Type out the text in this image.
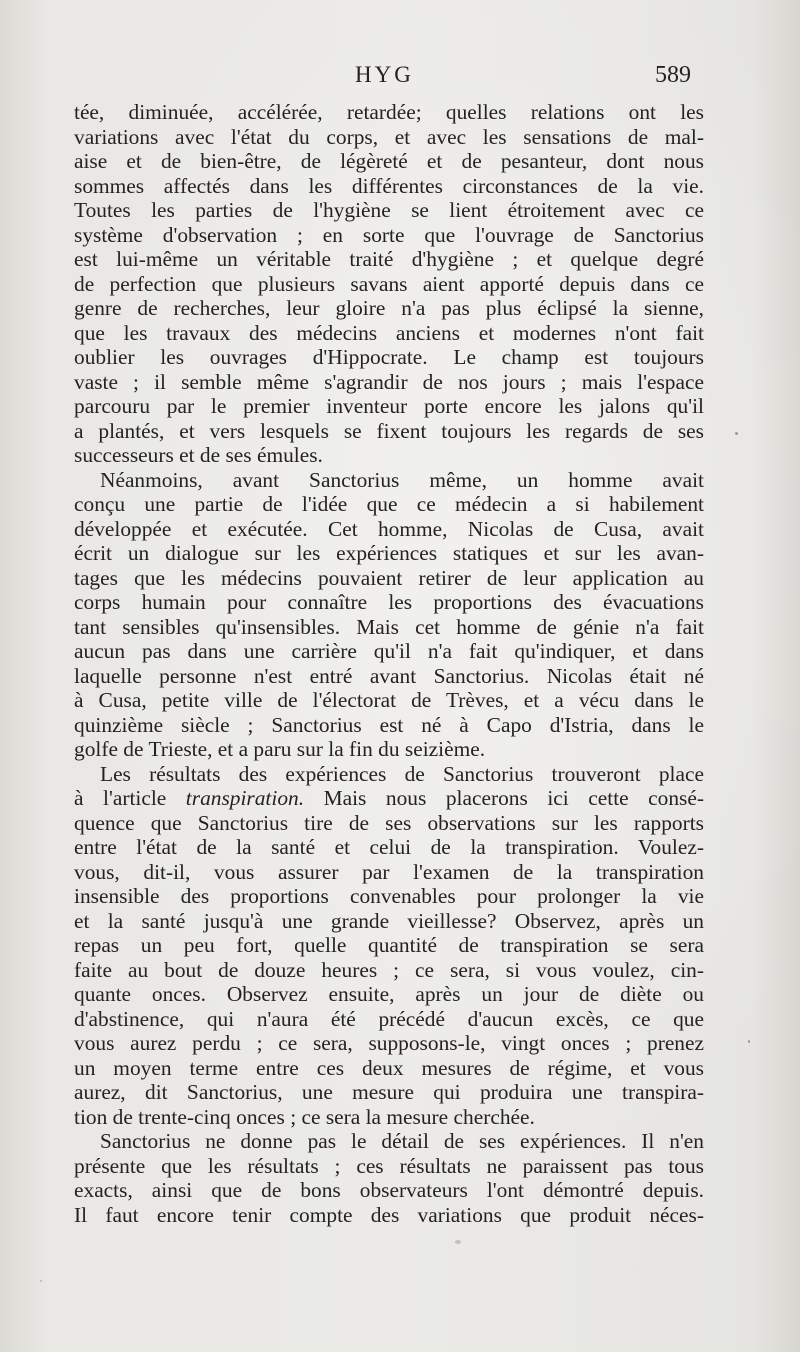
HYG	589
tée, diminuée, accélérée, retardée; quelles relations ont les
variations avec l'état du corps, et avec les sensations de mal-
aise et de bien-être, de légèreté et de pesanteur, dont nous
sommes affectés dans les différentes circonstances de la vie.
Toutes les parties de l'hygiène se lient étroitement avec ce
système d'observation ; en sorte que l'ouvrage de Sanctorius
est lui-même un véritable traité d'hygiène ; et quelque degré
de perfection que plusieurs savans aient apporté depuis dans ce
genre de recherches, leur gloire n'a pas plus éclipsé la sienne,
que les travaux des médecins anciens et modernes n'ont fait
oublier les ouvrages d'Hippocrate. Le champ est toujours
vaste ; il semble même s'agrandir de nos jours ; mais l'espace
parcouru par le premier inventeur porte encore les jalons qu'il
a plantés, et vers lesquels se fixent toujours les regards de ses
successeurs et de ses émules.
Néanmoins, avant Sanctorius même, un homme avait
conçu une partie de l'idée que ce médecin a si habilement
développée et exécutée. Cet homme, Nicolas de Cusa, avait
écrit un dialogue sur les expériences statiques et sur les avan-
tages que les médecins pouvaient retirer de leur application au
corps humain pour connaître les proportions des évacuations
tant sensibles qu'insensibles. Mais cet homme de génie n'a fait
aucun pas dans une carrière qu'il n'a fait qu'indiquer, et dans
laquelle personne n'est entré avant Sanctorius. Nicolas était né
à Cusa, petite ville de l'électorat de Trèves, et a vécu dans le
quinzième siècle ; Sanctorius est né à Capo d'Istria, dans le
golfe de Trieste, et a paru sur la fin du seizième.
Les résultats des expériences de Sanctorius trouveront place
à l'article transpiration. Mais nous placerons ici cette consé-
quence que Sanctorius tire de ses observations sur les rapports
entre l'état de la santé et celui de la transpiration. Voulez-
vous, dit-il, vous assurer par l'examen de la transpiration
insensible des proportions convenables pour prolonger la vie
et la santé jusqu'à une grande vieillesse? Observez, après un
repas un peu fort, quelle quantité de transpiration se sera
faite au bout de douze heures ; ce sera, si vous voulez, cin-
quante onces. Observez ensuite, après un jour de diète ou
d'abstinence, qui n'aura été précédé d'aucun excès, ce que
vous aurez perdu ; ce sera, supposons-le, vingt onces ; prenez
un moyen terme entre ces deux mesures de régime, et vous
aurez, dit Sanctorius, une mesure qui produira une transpira-
tion de trente-cinq onces ; ce sera la mesure cherchée.
Sanctorius ne donne pas le détail de ses expériences. Il n'en
présente que les résultats ; ces résultats ne paraissent pas tous
exacts, ainsi que de bons observateurs l'ont démontré depuis.
Il faut encore tenir compte des variations que produit néces-
